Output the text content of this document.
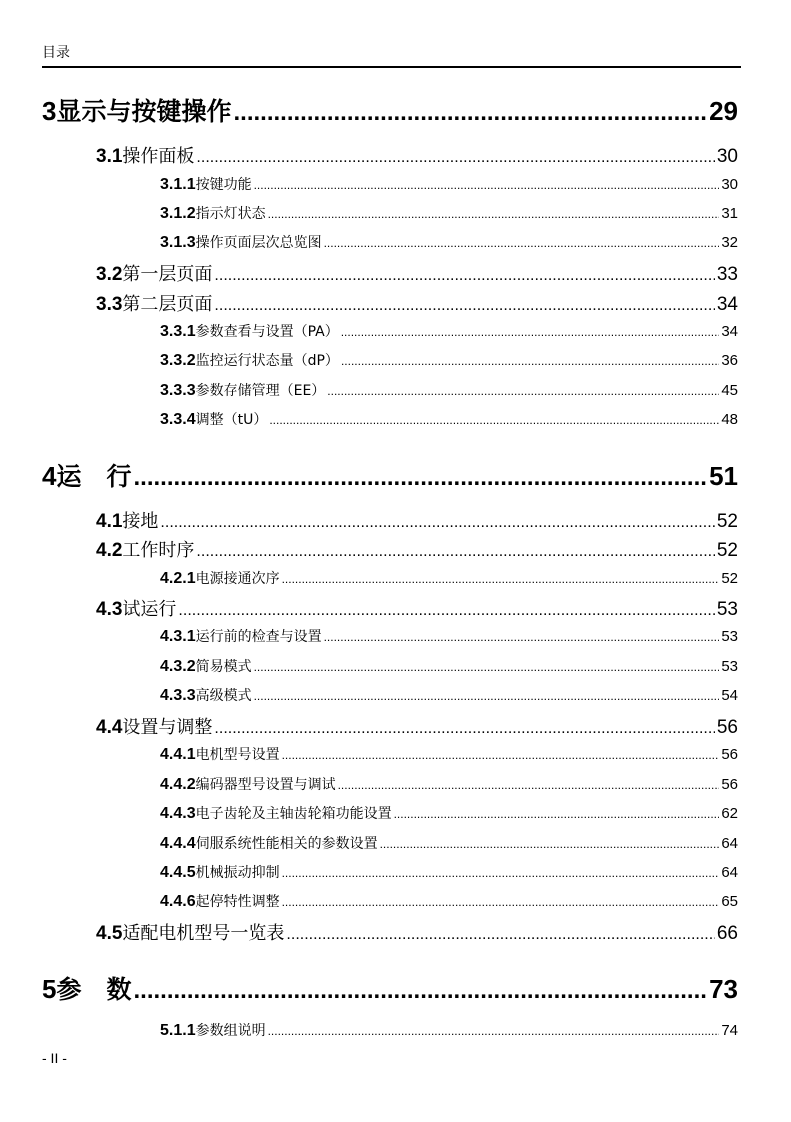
目录
3 显示与按键操作 .....	29
3.1 操作面板 .....	30
3.1.1 按键功能 .....	30
3.1.2 指示灯状态 .....	31
3.1.3 操作页面层次总览图 .....	32
3.2 第一层页面 .....	33
3.3 第二层页面 .....	34
3.3.1 参数查看与设置（PA） .....	34
3.3.2 监控运行状态量（dP） .....	36
3.3.3 参数存储管理（EE） .....	45
3.3.4 调整（tU） .....	48
4 运　行 .....	51
4.1 接地 .....	52
4.2 工作时序 .....	52
4.2.1 电源接通次序 .....	52
4.3 试运行 .....	53
4.3.1 运行前的检查与设置 .....	53
4.3.2 简易模式 .....	53
4.3.3 高级模式 .....	54
4.4 设置与调整 .....	56
4.4.1 电机型号设置 .....	56
4.4.2 编码器型号设置与调试 .....	56
4.4.3 电子齿轮及主轴齿轮箱功能设置 .....	62
4.4.4 伺服系统性能相关的参数设置 .....	64
4.4.5 机械振动抑制 .....	64
4.4.6 起停特性调整 .....	65
4.5 适配电机型号一览表 .....	66
5 参　数 .....	73
5.1.1 参数组说明 .....	74
- II -
